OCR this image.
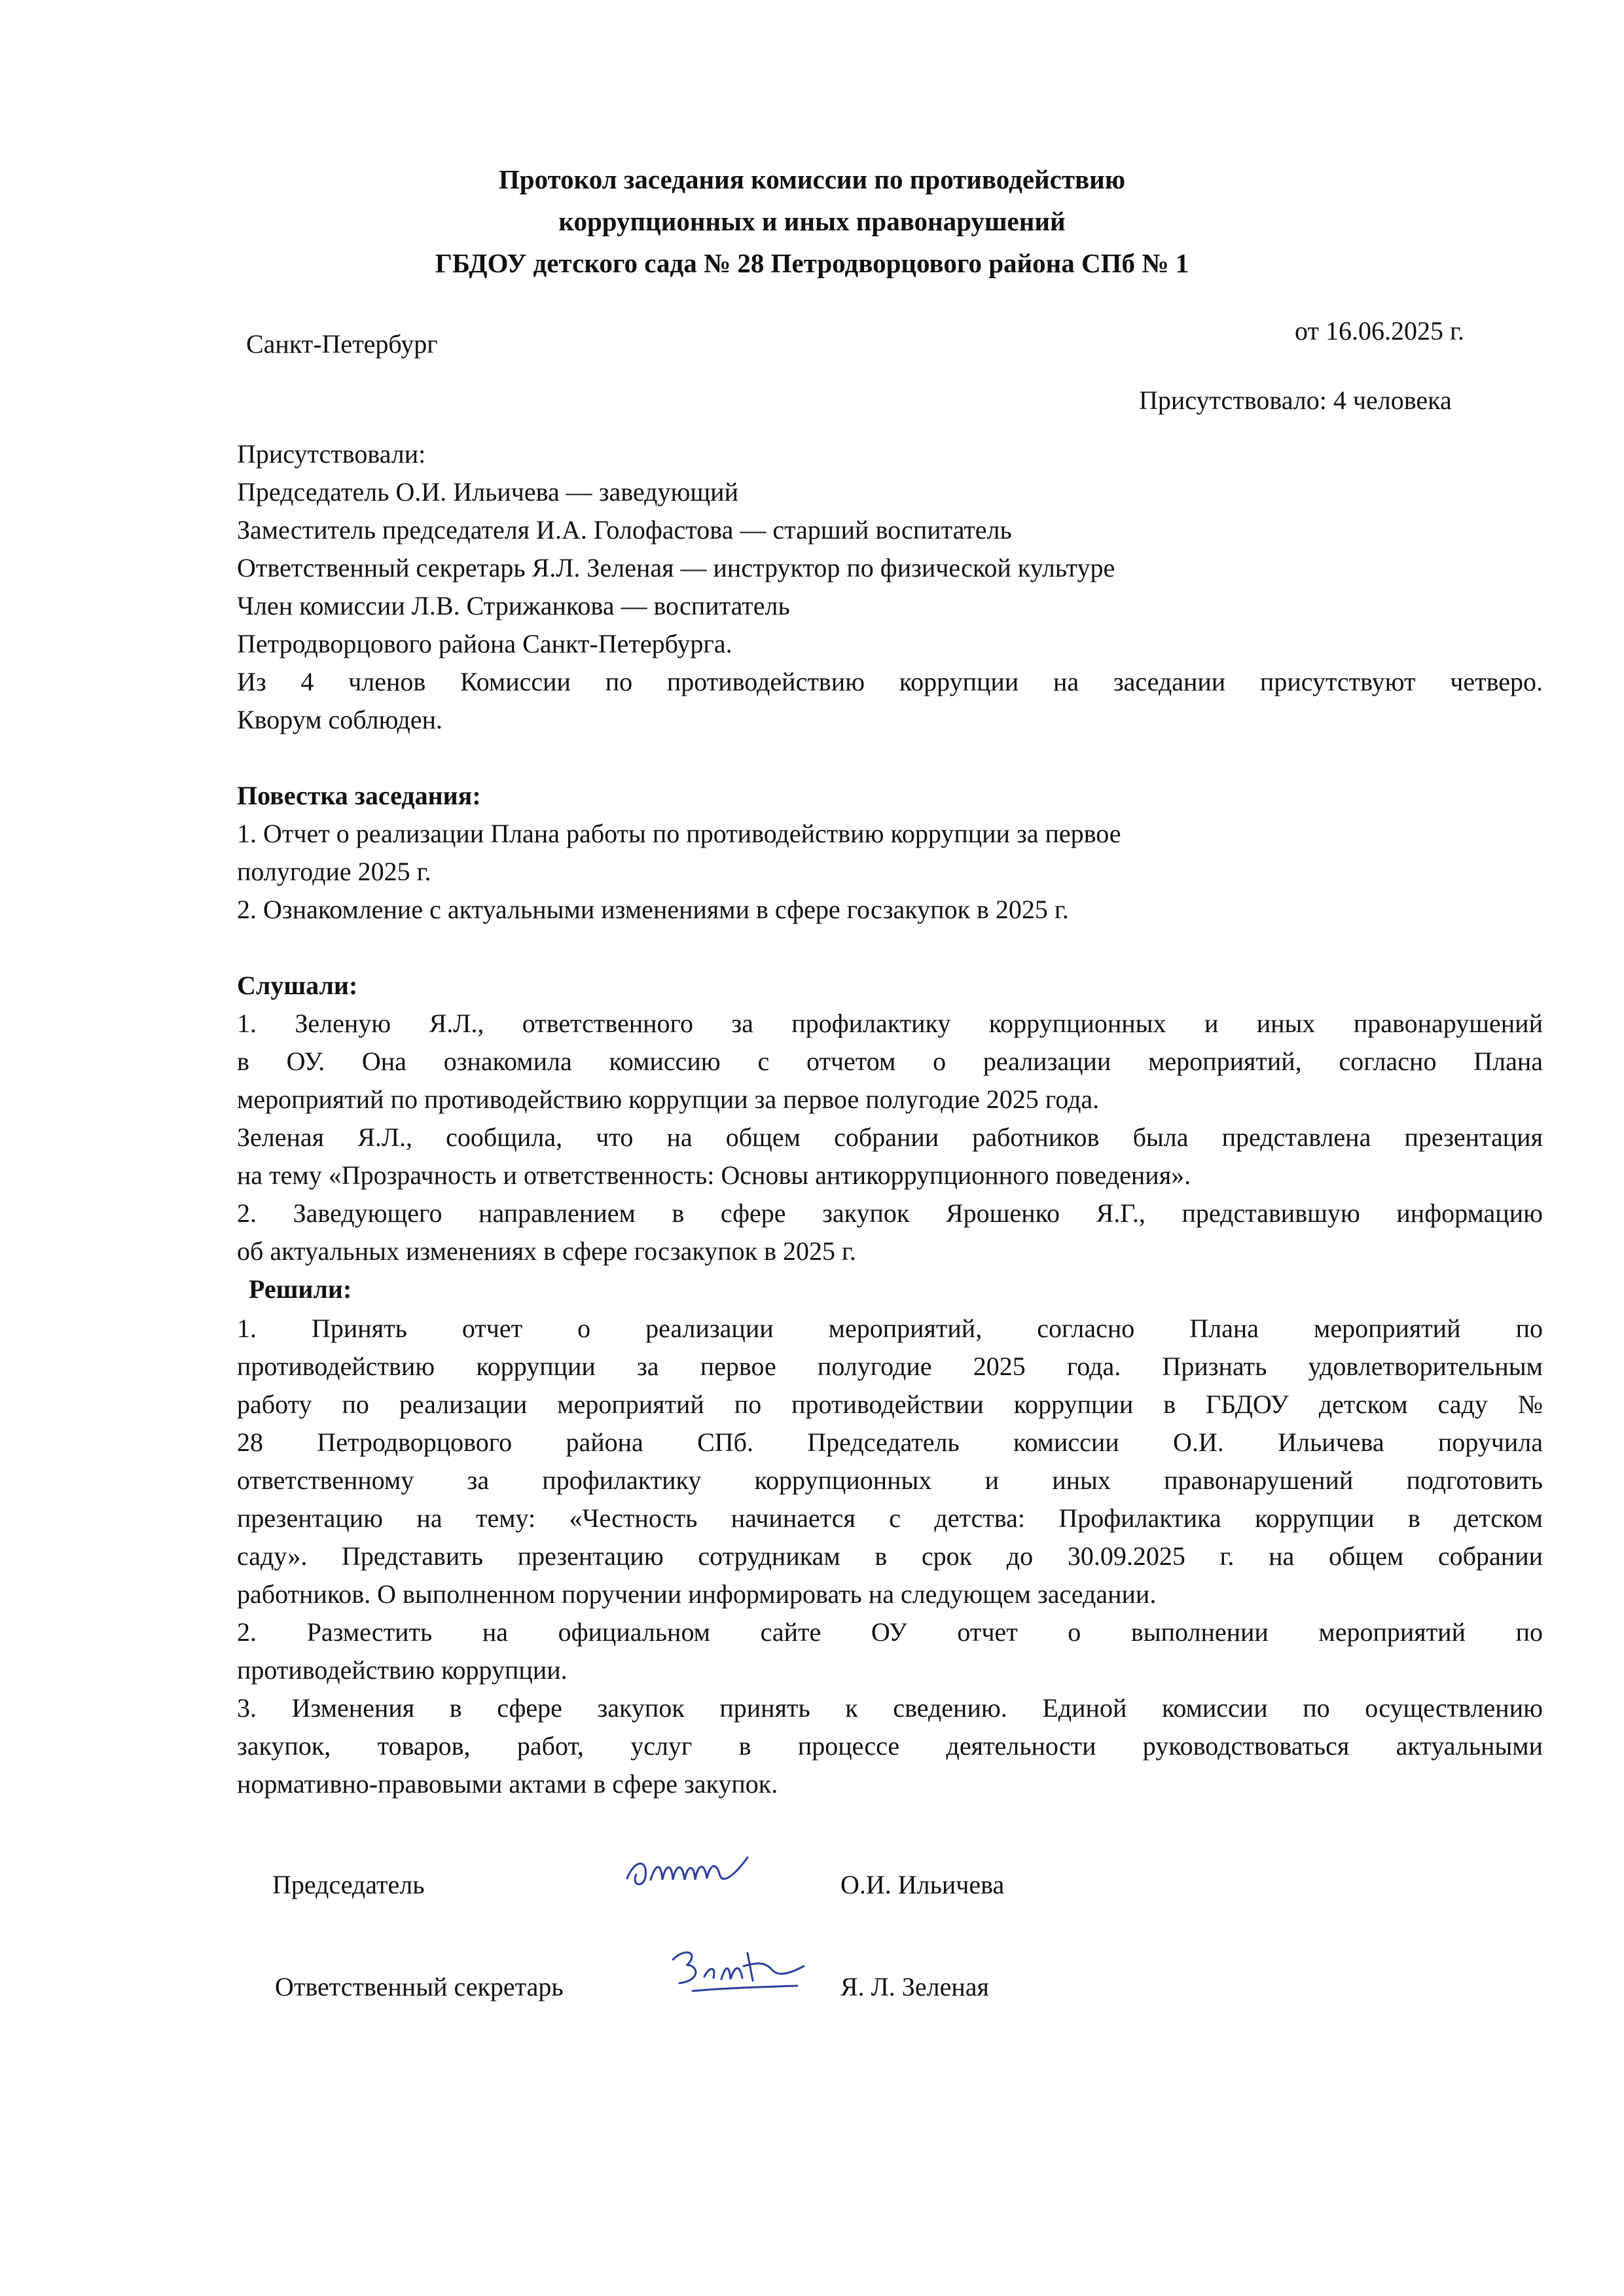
Протокол заседания комиссии по противодействию
коррупционных и иных правонарушений
ГБДОУ детского сада № 28 Петродворцового района СПб № 1
Санкт-Петербург	от 16.06.2025 г.
Присутствовало: 4 человека
Присутствовали:
Председатель О.И. Ильичева — заведующий
Заместитель председателя И.А. Голофастова — старший воспитатель
Ответственный секретарь Я.Л. Зеленая — инструктор по физической культуре
Член комиссии Л.В. Стрижанкова — воспитатель
Петродворцового района Санкт-Петербурга.
Из 4 членов Комиссии по противодействию коррупции на заседании присутствуют четверо.
Кворум соблюден.
Повестка заседания:
1. Отчет о реализации Плана работы по противодействию коррупции за первое
полугодие 2025 г.
2. Ознакомление с актуальными изменениями в сфере госзакупок в 2025 г.
Слушали:
1. Зеленую Я.Л., ответственного за профилактику коррупционных и иных правонарушений
в ОУ. Она ознакомила комиссию с отчетом о реализации мероприятий, согласно Плана
мероприятий по противодействию коррупции за первое полугодие 2025 года.
Зеленая Я.Л., сообщила, что на общем собрании работников была представлена презентация
на тему «Прозрачность и ответственность: Основы антикоррупционного поведения».
2. Заведующего направлением в сфере закупок Ярошенко Я.Г., представившую информацию
об актуальных изменениях в сфере госзакупок в 2025 г.
Решили:
1. Принять отчет о реализации мероприятий, согласно Плана мероприятий по
противодействию коррупции за первое полугодие 2025 года. Признать удовлетворительным
работу по реализации мероприятий по противодействии коррупции в ГБДОУ детском саду №
28 Петродворцового района СПб. Председатель комиссии О.И. Ильичева поручила
ответственному за профилактику коррупционных и иных правонарушений подготовить
презентацию на тему: «Честность начинается с детства: Профилактика коррупции в детском
саду». Представить презентацию сотрудникам в срок до 30.09.2025 г. на общем собрании
работников. О выполненном поручении информировать на следующем заседании.
2. Разместить на официальном сайте ОУ отчет о выполнении мероприятий по
противодействию коррупции.
3. Изменения в сфере закупок принять к сведению. Единой комиссии по осуществлению
закупок, товаров, работ, услуг в процессе деятельности руководствоваться актуальными
нормативно-правовыми актами в сфере закупок.
Председатель	О.И. Ильичева
Ответственный секретарь	Я. Л. Зеленая
